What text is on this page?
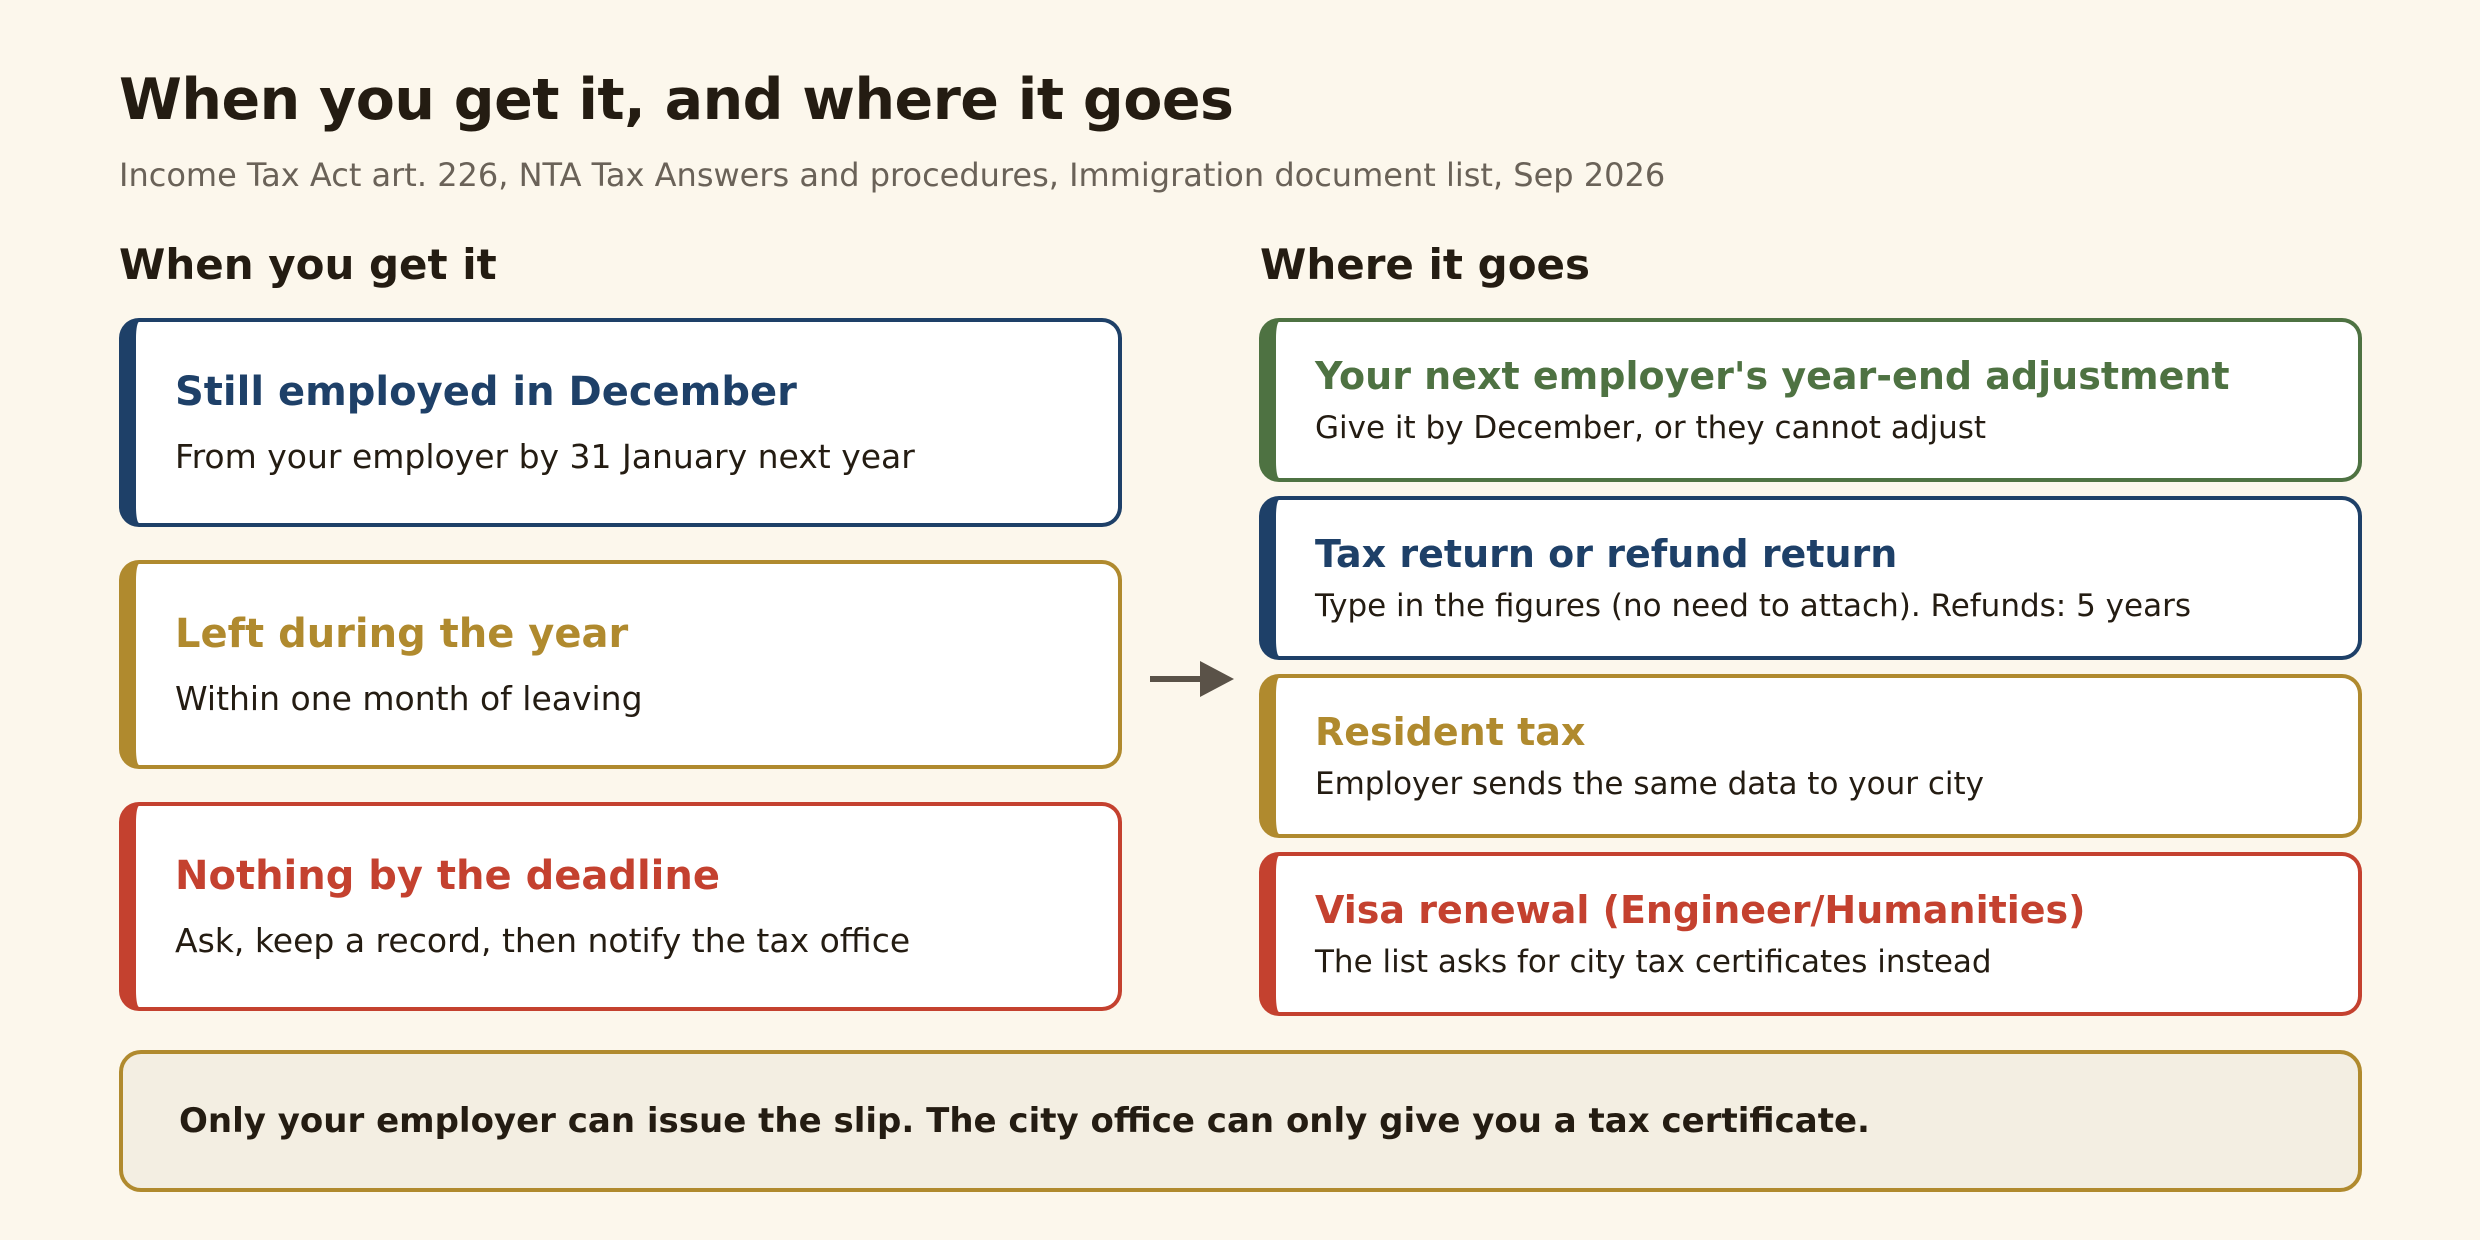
When you get it, and where it goes

Income Tax Act art. 226, NTA Tax Answers and procedures, Immigration document list, Sep 2026

When you get it	Where it goes

Still employed in December

From your employer by 31 January next year

Left during the year

Within one month of leaving

Nothing by the deadline

Ask, keep a record, then notify the tax office

Your next employer's year-end adjustment

Give it by December, or they cannot adjust

Tax return or refund return

Type in the figures (no need to attach). Refunds: 5 years

Resident tax

Employer sends the same data to your city

Visa renewal (Engineer/Humanities)

The list asks for city tax certificates instead

Only your employer can issue the slip. The city office can only give you a tax certificate.
